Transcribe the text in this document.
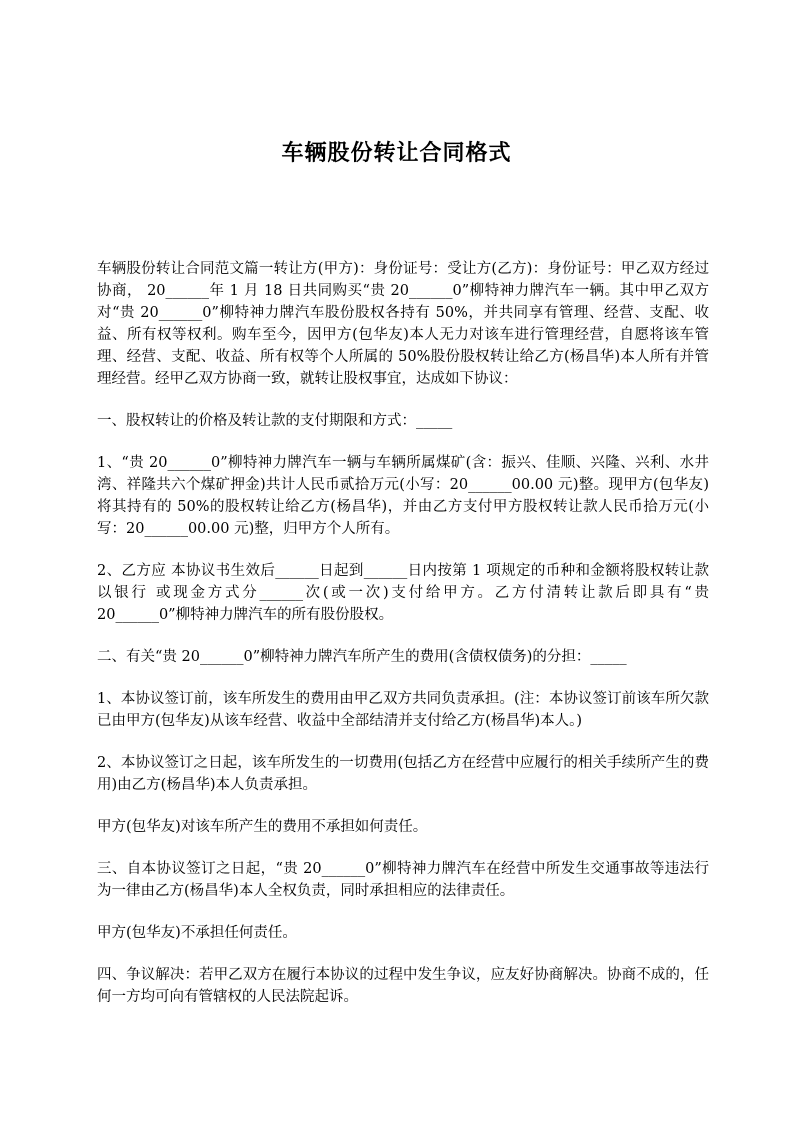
车辆股份转让合同格式

车辆股份转让合同范文篇一转让方(甲方)：身份证号：受让方(乙方)：身份证号：甲乙双方经过协商， 20______年 1 月 18 日共同购买“贵 20______0”柳特神力牌汽车一辆。其中甲乙双方对“贵 20______0”柳特神力牌汽车股份股权各持有 50%，并共同享有管理、经营、支配、收益、所有权等权利。购车至今，因甲方(包华友)本人无力对该车进行管理经营，自愿将该车管理、经营、支配、收益、所有权等个人所属的 50%股份股权转让给乙方(杨昌华)本人所有并管理经营。经甲乙双方协商一致，就转让股权事宜，达成如下协议：

一、股权转让的价格及转让款的支付期限和方式：_____

1、“贵 20______0”柳特神力牌汽车一辆与车辆所属煤矿(含：振兴、佳顺、兴隆、兴利、水井湾、祥隆共六个煤矿押金)共计人民币贰拾万元(小写：20______00.00 元)整。现甲方(包华友)将其持有的 50%的股权转让给乙方(杨昌华)，并由乙方支付甲方股权转让款人民币拾万元(小写：20______00.00 元)整，归甲方个人所有。

2、乙方应 本协议书生效后______日起到______日内按第 1 项规定的币种和金额将股权转让款以银行 或现金方式分______次(或一次)支付给甲方。乙方付清转让款后即具有“贵 20______0”柳特神力牌汽车的所有股份股权。

二、有关“贵 20______0”柳特神力牌汽车所产生的费用(含债权债务)的分担：_____

1、本协议签订前，该车所发生的费用由甲乙双方共同负责承担。(注：本协议签订前该车所欠款已由甲方(包华友)从该车经营、收益中全部结清并支付给乙方(杨昌华)本人。)

2、本协议签订之日起，该车所发生的一切费用(包括乙方在经营中应履行的相关手续所产生的费用)由乙方(杨昌华)本人负责承担。

甲方(包华友)对该车所产生的费用不承担如何责任。

三、自本协议签订之日起，“贵 20______0”柳特神力牌汽车在经营中所发生交通事故等违法行为一律由乙方(杨昌华)本人全权负责，同时承担相应的法律责任。

甲方(包华友)不承担任何责任。

四、争议解决：若甲乙双方在履行本协议的过程中发生争议，应友好协商解决。协商不成的，任何一方均可向有管辖权的人民法院起诉。
